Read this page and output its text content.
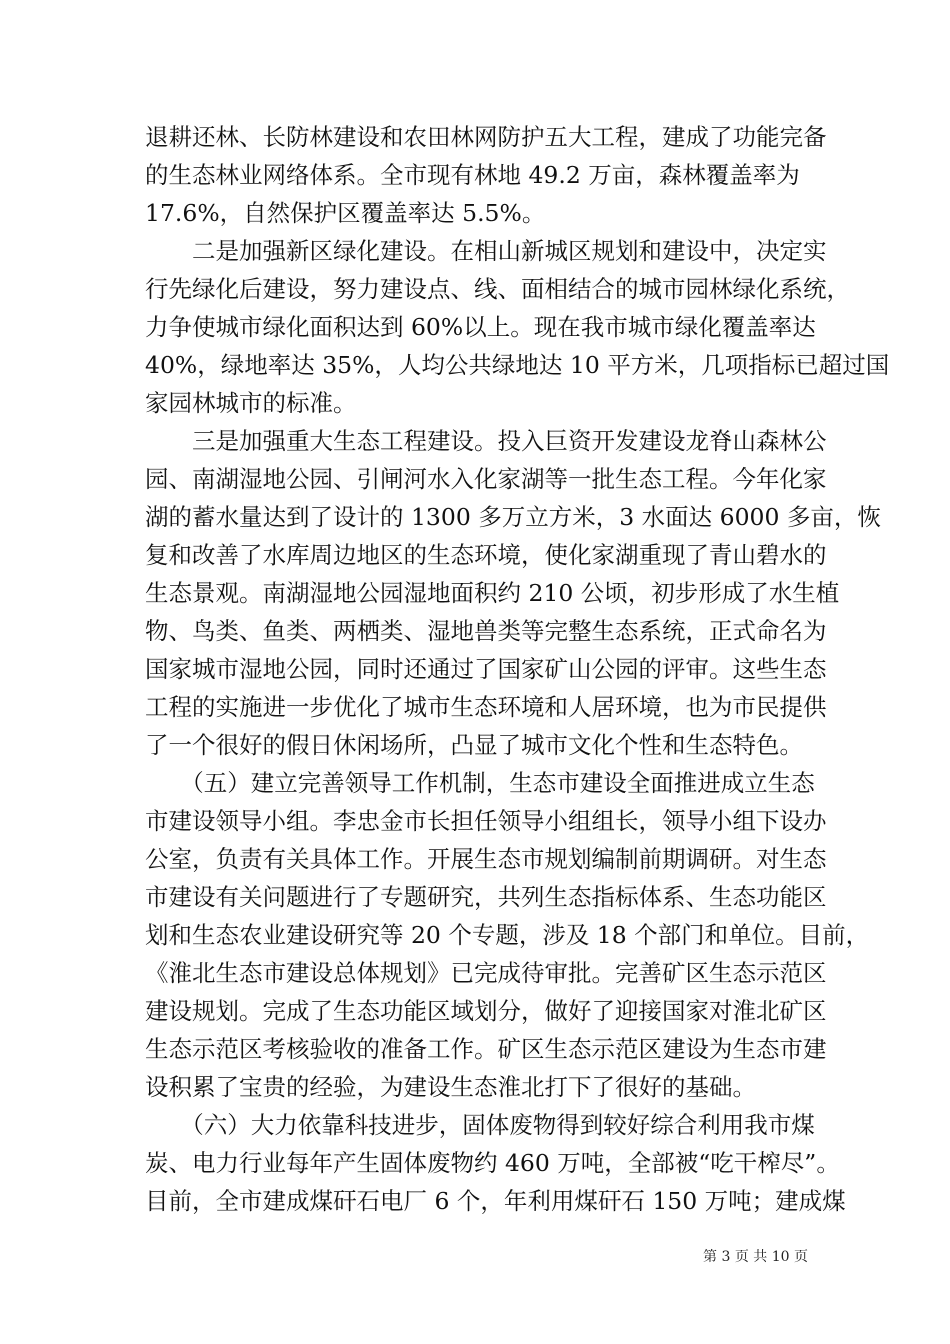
退耕还林、长防林建设和农田林网防护五大工程，建成了功能完备
的生态林业网络体系。全市现有林地 49.2 万亩，森林覆盖率为
17.6%，自然保护区覆盖率达 5.5%。
　　二是加强新区绿化建设。在相山新城区规划和建设中，决定实
行先绿化后建设，努力建设点、线、面相结合的城市园林绿化系统，
力争使城市绿化面积达到 60%以上。现在我市城市绿化覆盖率达
40%，绿地率达 35%，人均公共绿地达 10 平方米，几项指标已超过国
家园林城市的标准。
　　三是加强重大生态工程建设。投入巨资开发建设龙脊山森林公
园、南湖湿地公园、引闸河水入化家湖等一批生态工程。今年化家
湖的蓄水量达到了设计的 1300 多万立方米，3 水面达 6000 多亩，恢
复和改善了水库周边地区的生态环境，使化家湖重现了青山碧水的
生态景观。南湖湿地公园湿地面积约 210 公顷，初步形成了水生植
物、鸟类、鱼类、两栖类、湿地兽类等完整生态系统，正式命名为
国家城市湿地公园，同时还通过了国家矿山公园的评审。这些生态
工程的实施进一步优化了城市生态环境和人居环境，也为市民提供
了一个很好的假日休闲场所，凸显了城市文化个性和生态特色。
　　（五）建立完善领导工作机制，生态市建设全面推进成立生态
市建设领导小组。李忠金市长担任领导小组组长，领导小组下设办
公室，负责有关具体工作。开展生态市规划编制前期调研。对生态
市建设有关问题进行了专题研究，共列生态指标体系、生态功能区
划和生态农业建设研究等 20 个专题，涉及 18 个部门和单位。目前，
《淮北生态市建设总体规划》已完成待审批。完善矿区生态示范区
建设规划。完成了生态功能区域划分，做好了迎接国家对淮北矿区
生态示范区考核验收的准备工作。矿区生态示范区建设为生态市建
设积累了宝贵的经验，为建设生态淮北打下了很好的基础。
　　（六）大力依靠科技进步，固体废物得到较好综合利用我市煤
炭、电力行业每年产生固体废物约 460 万吨，全部被“吃干榨尽”。
目前，全市建成煤矸石电厂 6 个，年利用煤矸石 150 万吨；建成煤
第 3 页 共 10 页
